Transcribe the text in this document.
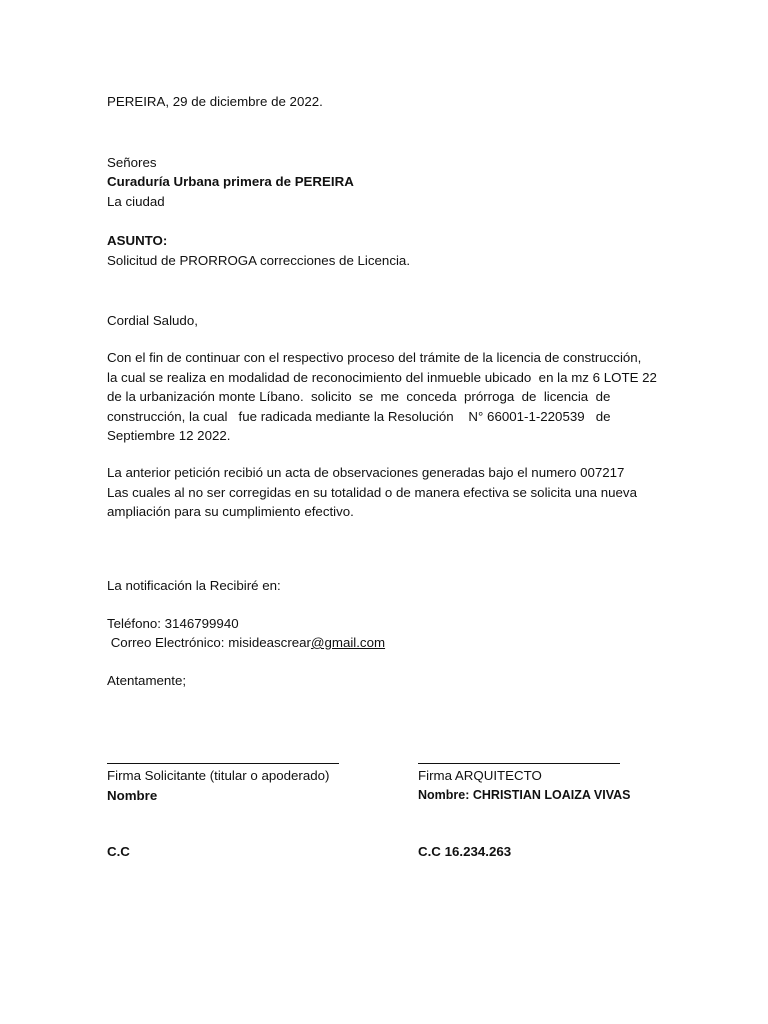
PEREIRA, 29 de diciembre de 2022.
Señores
Curaduría Urbana primera de PEREIRA
La ciudad
ASUNTO:
Solicitud de PRORROGA correcciones de Licencia.
Cordial Saludo,
Con el fin de continuar con el respectivo proceso del trámite de la licencia de construcción,
la cual se realiza en modalidad de reconocimiento del inmueble ubicado  en la mz 6 LOTE 22
de la urbanización monte Líbano.  solicito  se  me  conceda  prórroga  de  licencia  de
construcción, la cual   fue radicada mediante la Resolución    N° 66001-1-220539   de
Septiembre 12 2022.
La anterior petición recibió un acta de observaciones generadas bajo el numero 007217
Las cuales al no ser corregidas en su totalidad o de manera efectiva se solicita una nueva
ampliación para su cumplimiento efectivo.
La notificación la Recibiré en:
Teléfono: 3146799940
Correo Electrónico: misideascrear@gmail.com
Atentamente;
Firma Solicitante (titular o apoderado)
Nombre
Firma ARQUITECTO
Nombre: CHRISTIAN LOAIZA VIVAS
C.C	C.C 16.234.263
